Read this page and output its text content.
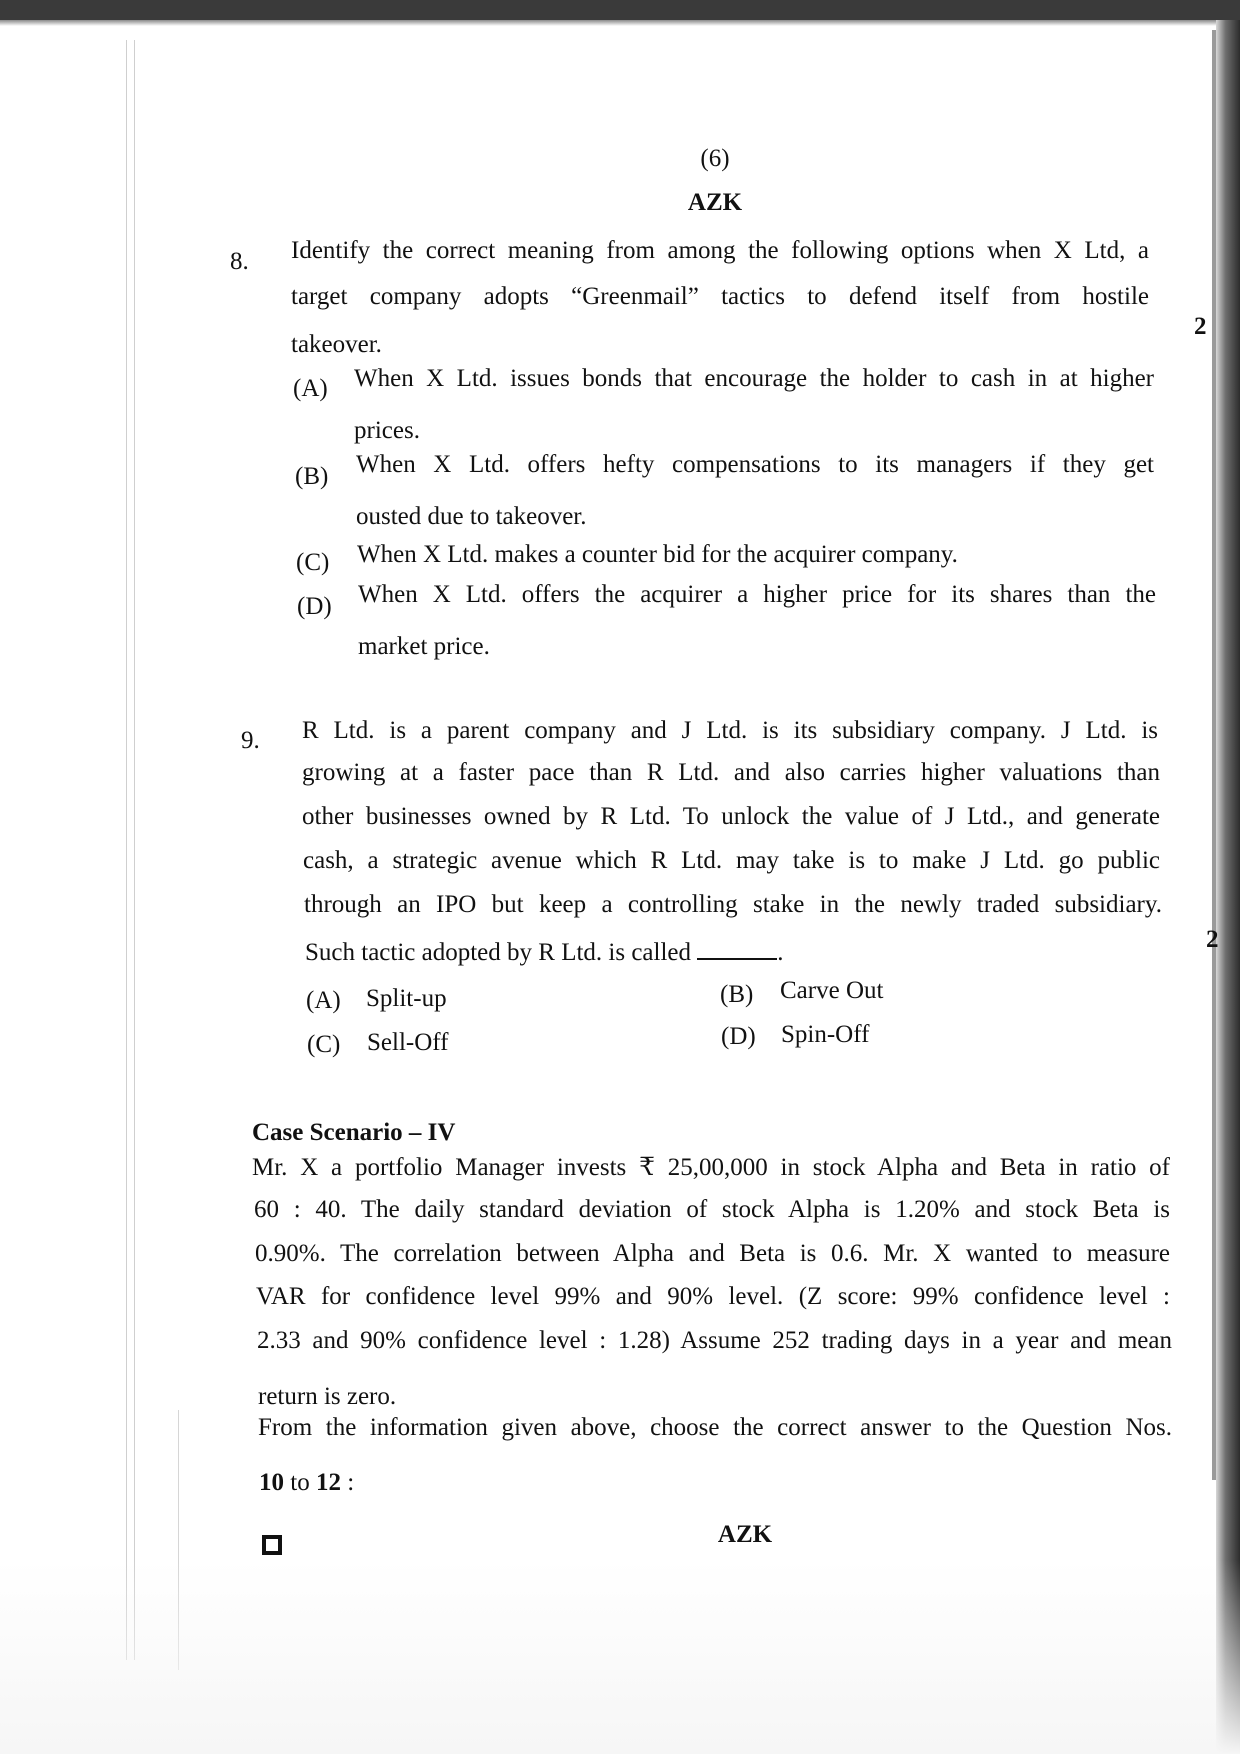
(6)
AZK
8.
2
Identify the correct meaning from among the following options when X Ltd, a
target company adopts “Greenmail” tactics to defend itself from hostile
takeover.
(A) When X Ltd. issues bonds that encourage the holder to cash in at higher
prices.
(B) When X Ltd. offers hefty compensations to its managers if they get
ousted due to takeover.
(C) When X Ltd. makes a counter bid for the acquirer company.
(D) When X Ltd. offers the acquirer a higher price for its shares than the
market price.
9.
2
R Ltd. is a parent company and J Ltd. is its subsidiary company. J Ltd. is
growing at a faster pace than R Ltd. and also carries higher valuations than
other businesses owned by R Ltd. To unlock the value of J Ltd., and generate
cash, a strategic avenue which R Ltd. may take is to make J Ltd. go public
through an IPO but keep a controlling stake in the newly traded subsidiary.
Such tactic adopted by R Ltd. is called	.
(A) Split-up	(B) Carve Out
(C) Sell-Off	(D) Spin-Off
Case Scenario – IV
Mr. X a portfolio Manager invests ₹ 25,00,000 in stock Alpha and Beta in ratio of
60 : 40. The daily standard deviation of stock Alpha is 1.20% and stock Beta is
0.90%. The correlation between Alpha and Beta is 0.6. Mr. X wanted to measure
VAR for confidence level 99% and 90% level. (Z score: 99% confidence level :
2.33 and 90% confidence level : 1.28) Assume 252 trading days in a year and mean
return is zero.
From the information given above, choose the correct answer to the Question Nos.
10 to 12 :
AZK
